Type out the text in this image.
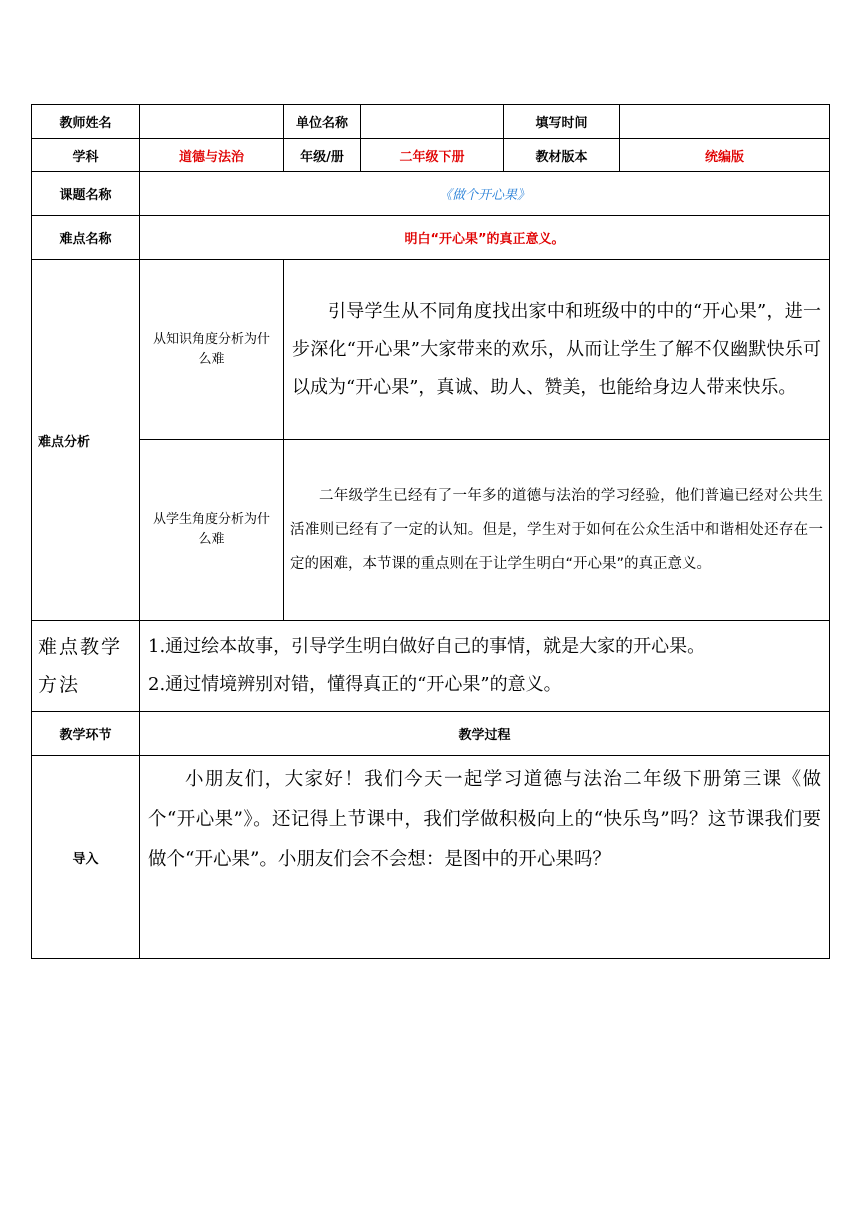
教师姓名		单位名称		填写时间	
学科	道德与法治	年级/册	二年级下册	教材版本	统编版
课题名称	《做个开心果》				
难点名称	明白“开心果”的真正意义。				
难点分析	从知识角度分析为什么难	引导学生从不同角度找出家中和班级中的中的“开心果”，进一步深化“开心果”大家带来的欢乐，从而让学生了解不仅幽默快乐可以成为“开心果”，真诚、助人、赞美，也能给身边人带来快乐。			
	从学生角度分析为什么难	二年级学生已经有了一年多的道德与法治的学习经验，他们普遍已经对公共生活准则已经有了一定的认知。但是，学生对于如何在公众生活中和谐相处还存在一定的困难，本节课的重点则在于让学生明白“开心果”的真正意义。			
难点教学方法	1.通过绘本故事，引导学生明白做好自己的事情，就是大家的开心果。
2.通过情境辨别对错，懂得真正的“开心果”的意义。				

教学环节	教学过程				
导入	小朋友们，大家好！我们今天一起学习道德与法治二年级下册第三课《做个“开心果”》。还记得上节课中，我们学做积极向上的“快乐鸟”吗？这节课我们要做个“开心果”。小朋友们会不会想：是图中的开心果吗？				
